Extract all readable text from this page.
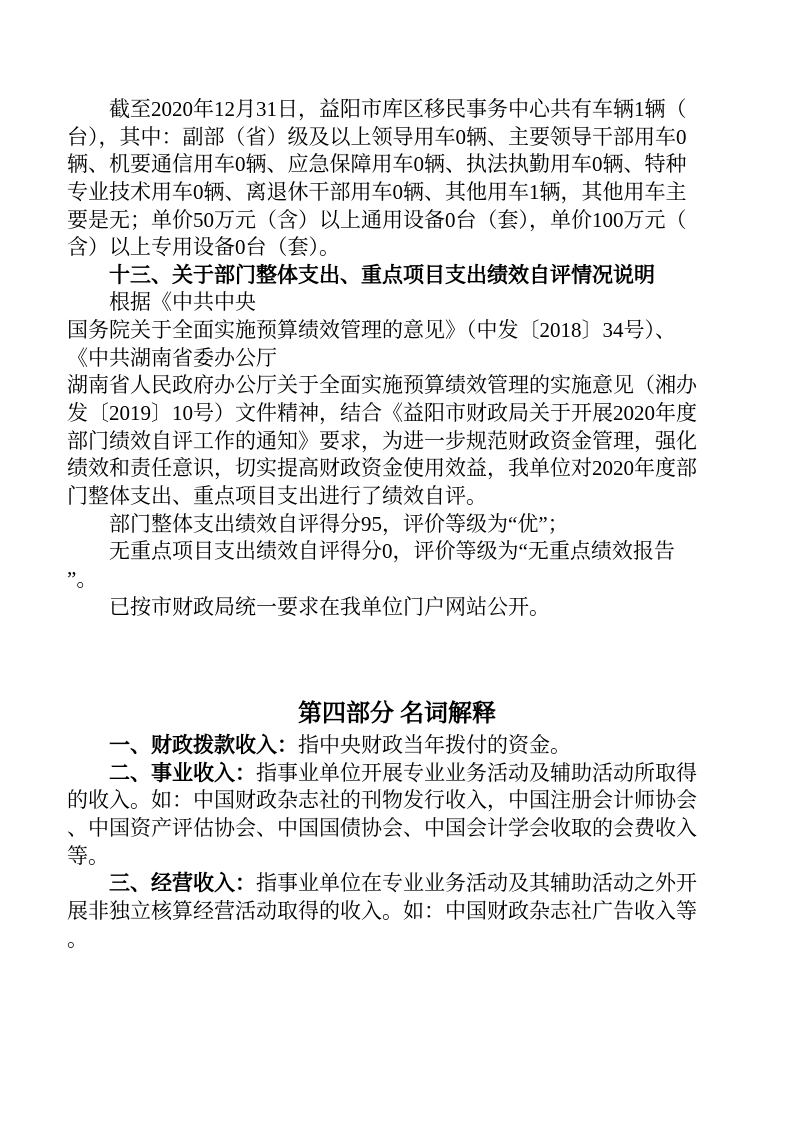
截至2020年12月31日，益阳市库区移民事务中心共有车辆1辆（
台），其中：副部（省）级及以上领导用车0辆、主要领导干部用车0
辆、机要通信用车0辆、应急保障用车0辆、执法执勤用车0辆、特种
专业技术用车0辆、离退休干部用车0辆、其他用车1辆，其他用车主
要是无；单价50万元（含）以上通用设备0台（套），单价100万元（
含）以上专用设备0台（套）。
十三、关于部门整体支出、重点项目支出绩效自评情况说明
根据《中共中央
国务院关于全面实施预算绩效管理的意见》（中发〔2018〕34号）、
《中共湖南省委办公厅
湖南省人民政府办公厅关于全面实施预算绩效管理的实施意见（湘办
发〔2019〕10号）文件精神，结合《益阳市财政局关于开展2020年度
部门绩效自评工作的通知》要求，为进一步规范财政资金管理，强化
绩效和责任意识，切实提高财政资金使用效益，我单位对2020年度部
门整体支出、重点项目支出进行了绩效自评。
部门整体支出绩效自评得分95，评价等级为“优”；
无重点项目支出绩效自评得分0，评价等级为“无重点绩效报告
”。
已按市财政局统一要求在我单位门户网站公开。
第四部分 名词解释
一、财政拨款收入：指中央财政当年拨付的资金。
二、事业收入：指事业单位开展专业业务活动及辅助活动所取得
的收入。如：中国财政杂志社的刊物发行收入，中国注册会计师协会
、中国资产评估协会、中国国债协会、中国会计学会收取的会费收入
等。
三、经营收入：指事业单位在专业业务活动及其辅助活动之外开
展非独立核算经营活动取得的收入。如：中国财政杂志社广告收入等
。
